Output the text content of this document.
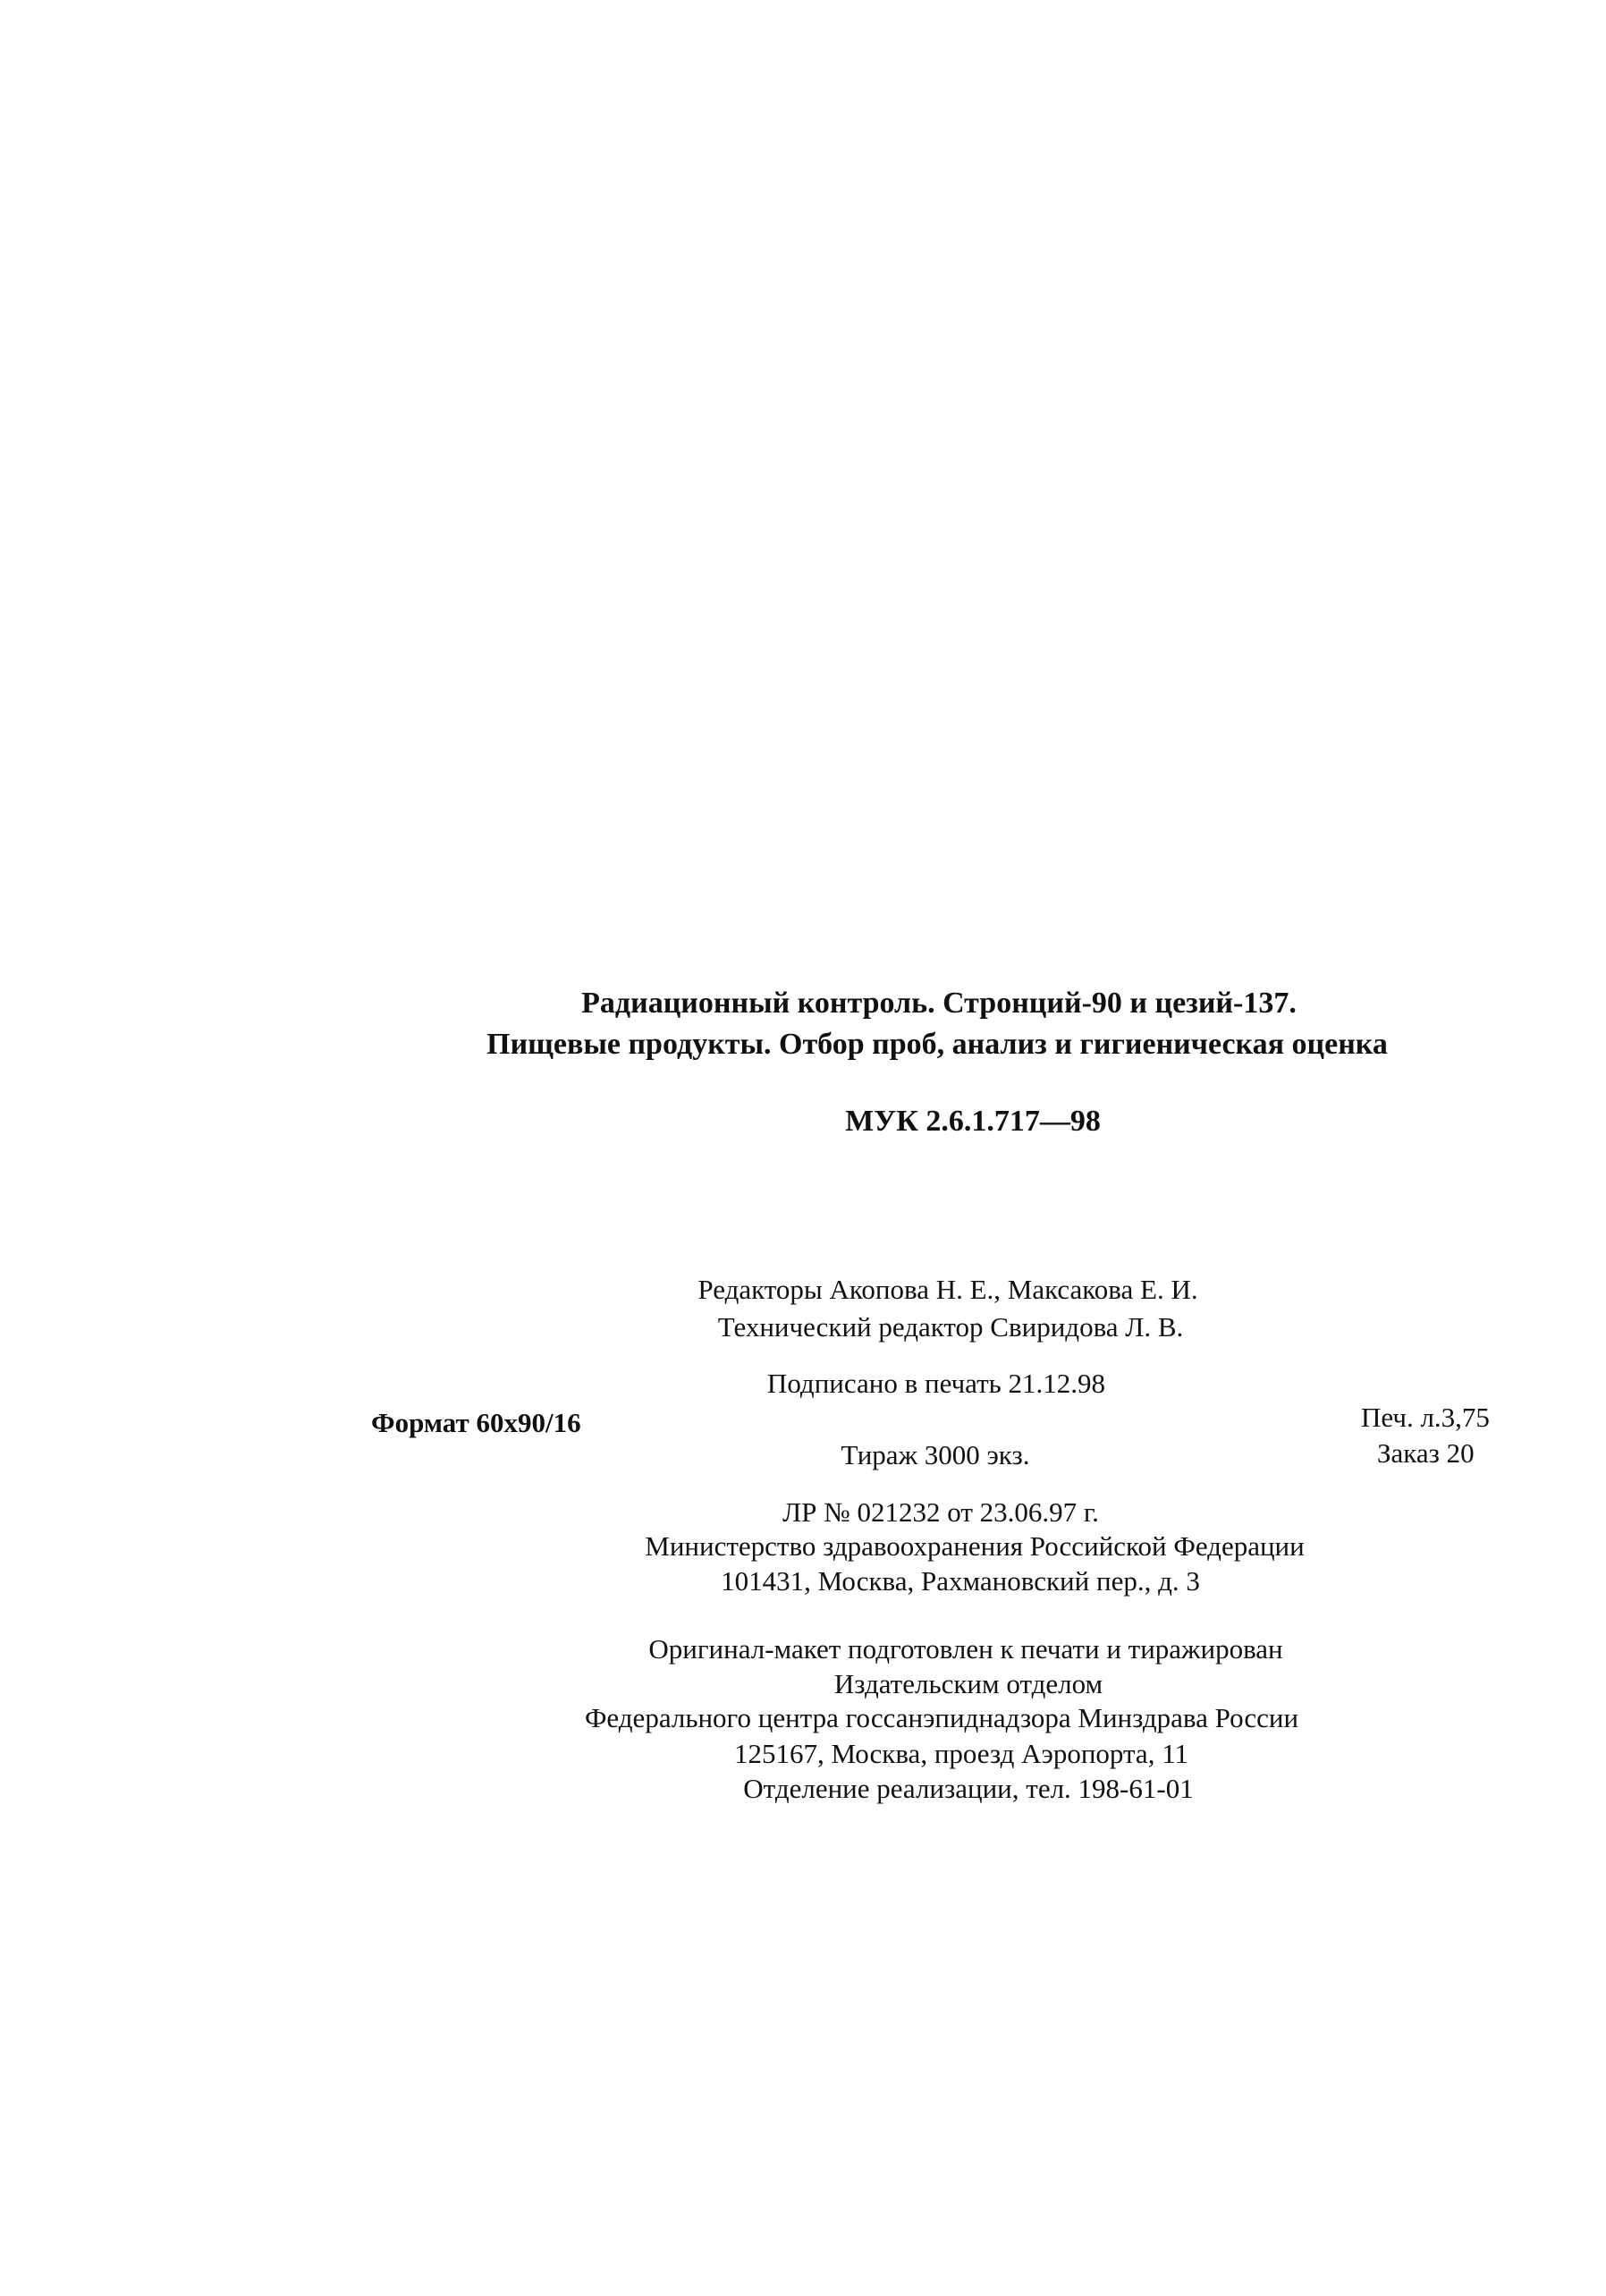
Радиационный контроль. Стронций-90 и цезий-137.
Пищевые продукты. Отбор проб, анализ и гигиеническая оценка
МУК 2.6.1.717—98
Редакторы Акопова Н. Е., Максакова Е. И.
Технический редактор Свиридова Л. В.
Подписано в печать 21.12.98
Формат 60x90/16	Печ. л.3,75
Тираж 3000 экз.	Заказ 20
ЛР № 021232 от 23.06.97 г.
Министерство здравоохранения Российской Федерации
101431, Москва, Рахмановский пер., д. 3
Оригинал-макет подготовлен к печати и тиражирован
Издательским отделом
Федерального центра госсанэпиднадзора Минздрава России
125167, Москва, проезд Аэропорта, 11
Отделение реализации, тел. 198-61-01
